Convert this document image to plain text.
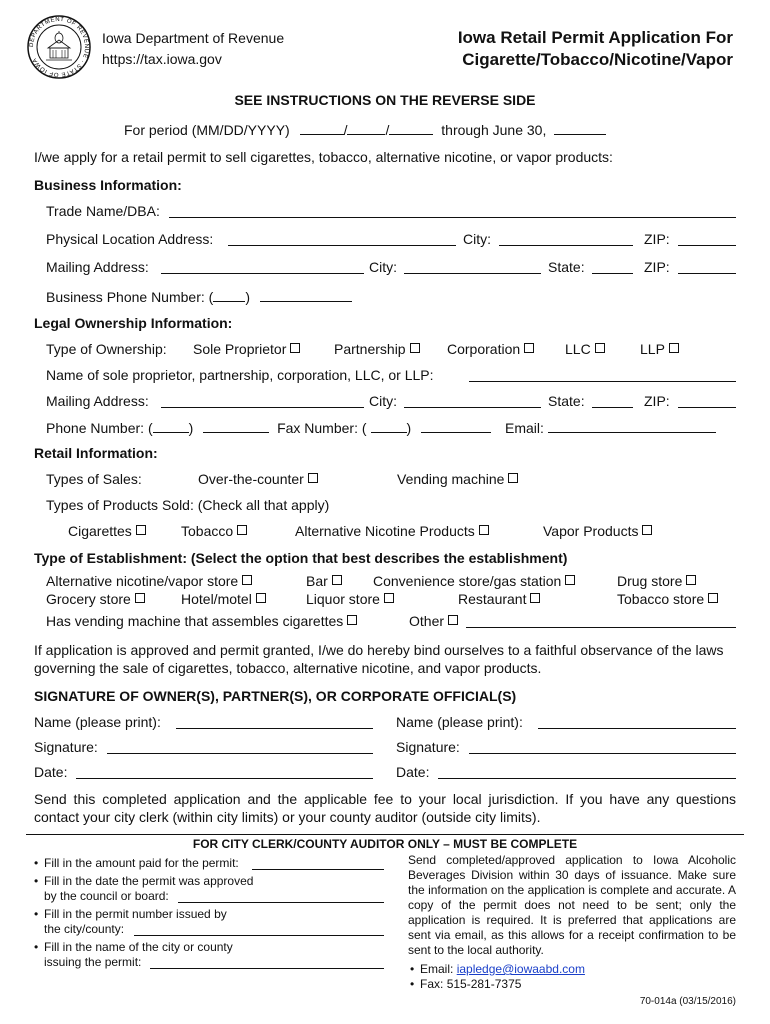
DEPARTMENT OF REVENUE · STATE OF IOWA
Iowa Department of Revenue
https://tax.iowa.gov
Iowa Retail Permit Application For
Cigarette/Tobacco/Nicotine/Vapor
SEE INSTRUCTIONS ON THE REVERSE SIDE
For period (MM/DD/YYYY)	/	/	through June 30,
I/we apply for a retail permit to sell cigarettes, tobacco, alternative nicotine, or vapor products:
Business Information:
Trade Name/DBA:
Physical Location Address:	City:	ZIP:
Mailing Address:	City:	State:	ZIP:
Business Phone Number: ( )
Legal Ownership Information:
Type of Ownership: Sole Proprietor	Partnership	Corporation	LLC	LLP
Name of sole proprietor, partnership, corporation, LLC, or LLP:
Mailing Address:	City:	State:	ZIP:
Phone Number: (	)	Fax Number: (	)	Email:
Retail Information:
Types of Sales:	Over-the-counter	Vending machine
Types of Products Sold: (Check all that apply)
Cigarettes	Tobacco	Alternative Nicotine Products	Vapor Products
Type of Establishment: (Select the option that best describes the establishment)
Alternative nicotine/vapor store	Bar	Convenience store/gas station	Drug store
Grocery store	Hotel/motel	Liquor store	Restaurant	Tobacco store
Has vending machine that assembles cigarettes	Other
If application is approved and permit granted, I/we do hereby bind ourselves to a faithful observance of the laws governing the sale of cigarettes, tobacco, alternative nicotine, and vapor products.
SIGNATURE OF OWNER(S), PARTNER(S), OR CORPORATE OFFICIAL(S)
Name (please print):	Name (please print):
Signature:	Signature:
Date:	Date:
Send this completed application and the applicable fee to your local jurisdiction. If you have any questions contact your city clerk (within city limits) or your county auditor (outside city limits).
FOR CITY CLERK/COUNTY AUDITOR ONLY – MUST BE COMPLETE
• Fill in the amount paid for the permit:
• Fill in the date the permit was approved
by the council or board:
• Fill in the permit number issued by
the city/county:
• Fill in the name of the city or county
issuing the permit:
Send completed/approved application to Iowa Alcoholic Beverages Division within 30 days of issuance. Make sure the information on the application is complete and accurate. A copy of the permit does not need to be sent; only the application is required. It is preferred that applications are sent via email, as this allows for a receipt confirmation to be sent to the local authority.
• Email: iapledge@iowaabd.com
• Fax: 515-281-7375
70-014a (03/15/2016)
